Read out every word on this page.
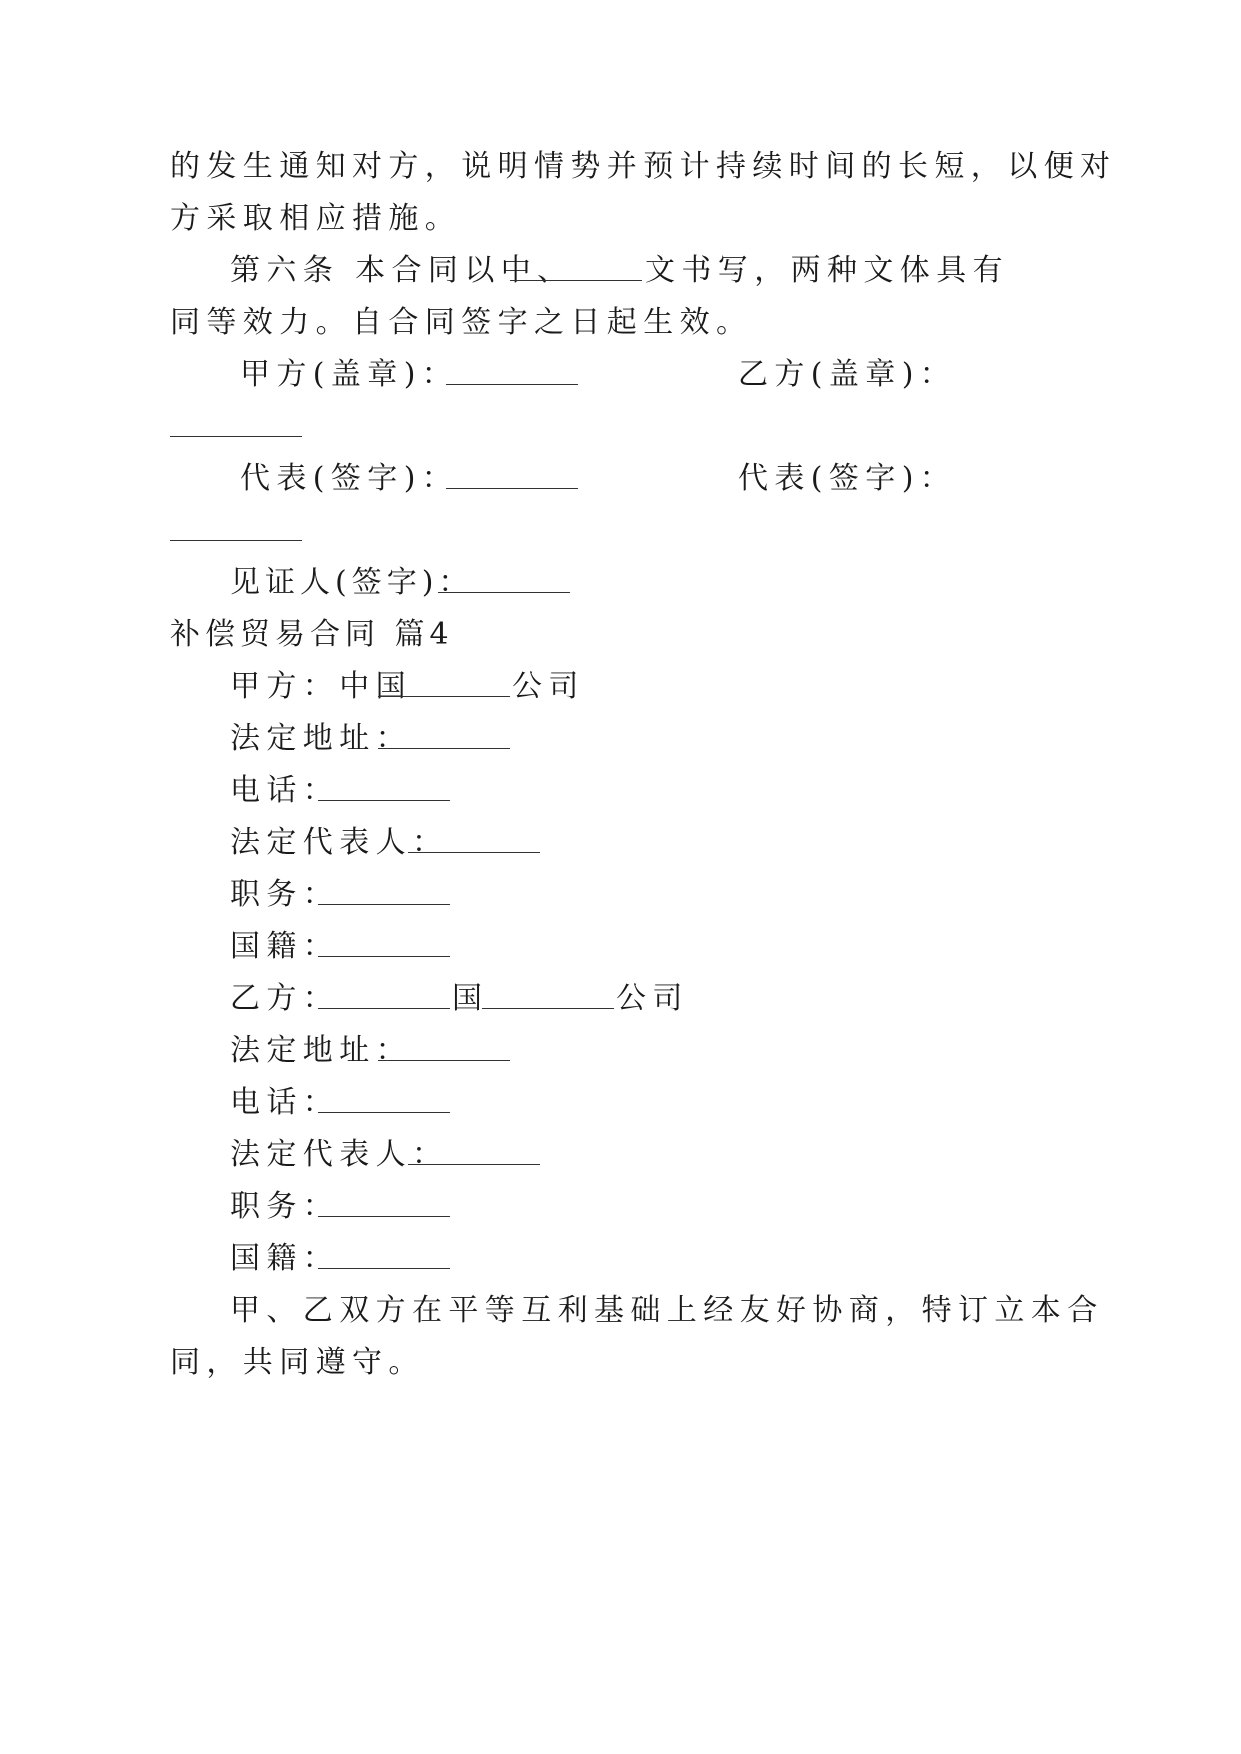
的发生通知对方，说明情势并预计持续时间的长短，以便对
方采取相应措施。
第六条 本合同以中、 文书写，两种文体具有
同等效力。自合同签字之日起生效。
甲方(盖章)：	乙方(盖章)：
代表(签字)：	代表(签字)：
见证人(签字)：
补偿贸易合同 篇4
甲方：中国	公司
法定地址：
电话：
法定代表人：
职务：
国籍：
乙方：	国	公司
法定地址：
电话：
法定代表人：
职务：
国籍：
甲、乙双方在平等互利基础上经友好协商，特订立本合
同，共同遵守。
